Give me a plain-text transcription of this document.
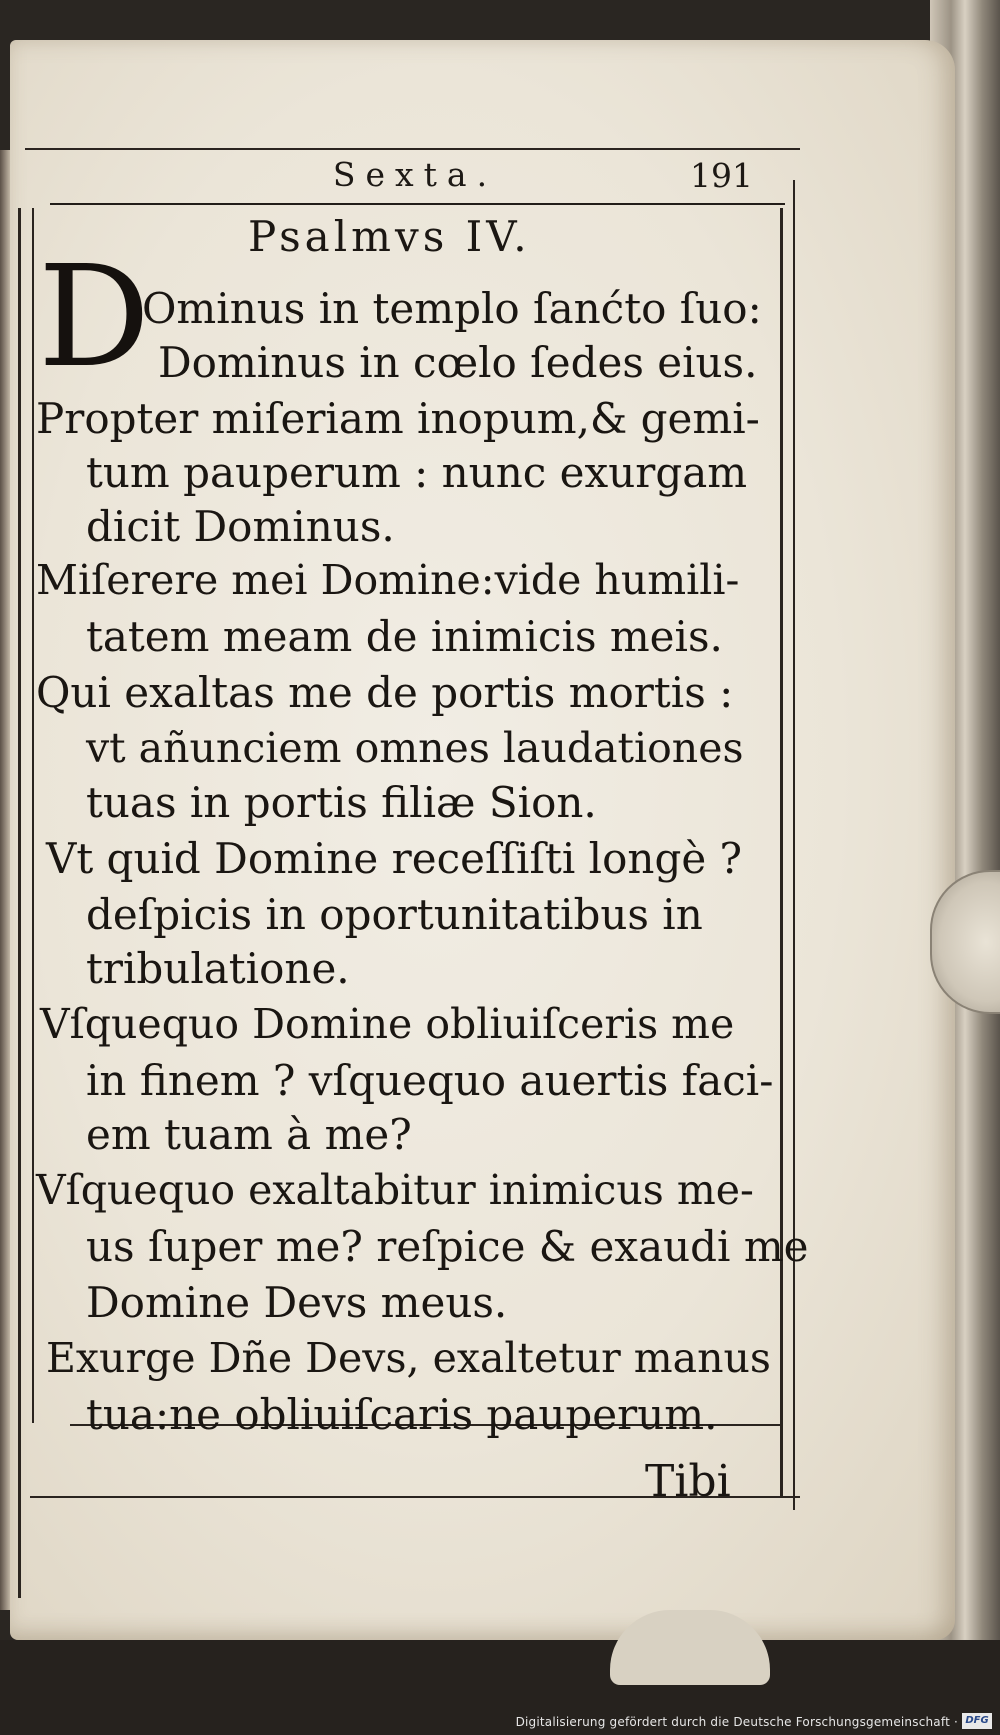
Sexta.	191
Psalmvs IV.
D
Ominus in templo ſanćto ſuo:
Dominus in cœlo ſedes eius.
Propter miſeriam inopum,& gemi-
tum pauperum : nunc exurgam
dicit Dominus.
Miſerere mei Domine:vide humili-
tatem meam de inimicis meis.
Qui exaltas me de portis mortis :
vt añunciem omnes laudationes
tuas in portis filiæ Sion.
Vt quid Domine receſſiſti longè ?
deſpicis in oportunitatibus in
tribulatione.
Vſquequo Domine obliuiſceris me
in finem ? vſquequo auertis faci-
em tuam à me?
Vſquequo exaltabitur inimicus me-
us ſuper me? reſpice & exaudi me
Domine Devs meus.
Exurge Dñe Devs, exaltetur manus
tua:ne obliuiſcaris pauperum.
Tibi
Digitalisierung gefördert durch die Deutsche Forschungsgemeinschaft · DFG
